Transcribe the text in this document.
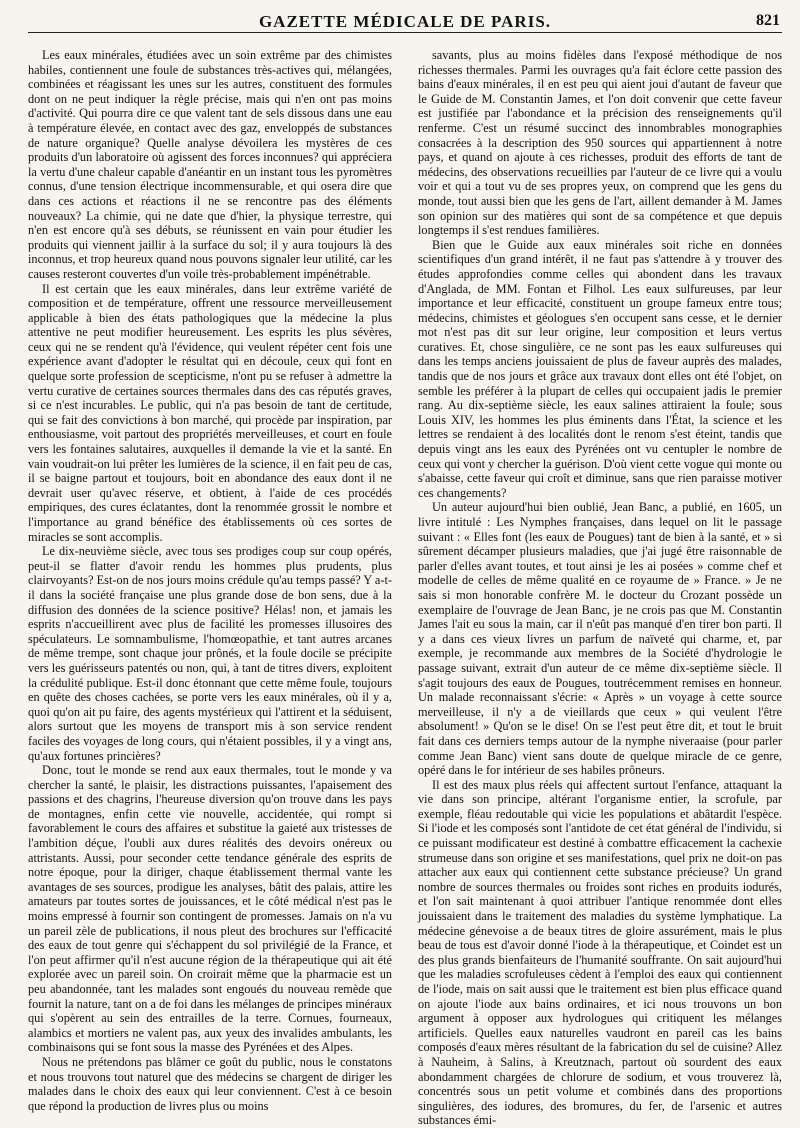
GAZETTE MÉDICALE DE PARIS.	821

Les eaux minérales, étudiées avec un soin extrême par des chimistes habiles, contiennent une foule de substances très-actives qui, mélangées, combinées et réagissant les unes sur les autres, constituent des formules dont on ne peut indiquer la règle précise, mais qui n'en ont pas moins d'activité. Qui pourra dire ce que valent tant de sels dissous dans une eau à température élevée, en contact avec des gaz, enveloppés de substances de nature organique? Quelle analyse dévoilera les mystères de ces produits d'un laboratoire où agissent des forces inconnues? qui appréciera la vertu d'une chaleur capable d'anéantir en un instant tous les pyromètres connus, d'une tension électrique incommensurable, et qui osera dire que dans ces actions et réactions il ne se rencontre pas des éléments nouveaux? La chimie, qui ne date que d'hier, la physique terrestre, qui n'en est encore qu'à ses débuts, se réunissent en vain pour étudier les produits qui viennent jaillir à la surface du sol; il y aura toujours là des inconnus, et trop heureux quand nous pouvons signaler leur utilité, car les causes resteront couvertes d'un voile très-probablement impénétrable.

Il est certain que les eaux minérales, dans leur extrême variété de composition et de température, offrent une ressource merveilleusement applicable à bien des états pathologiques que la médecine la plus attentive ne peut modifier heureusement. Les esprits les plus sévères, ceux qui ne se rendent qu'à l'évidence, qui veulent répéter cent fois une expérience avant d'adopter le résultat qui en découle, ceux qui font en quelque sorte profession de scepticisme, n'ont pu se refuser à admettre la vertu curative de certaines sources thermales dans des cas réputés graves, si ce n'est incurables. Le public, qui n'a pas besoin de tant de certitude, qui se fait des convictions à bon marché, qui procède par inspiration, par enthousiasme, voit partout des propriétés merveilleuses, et court en foule vers les fontaines salutaires, auxquelles il demande la vie et la santé. En vain voudrait-on lui prêter les lumières de la science, il en fait peu de cas, il se baigne partout et toujours, boit en abondance des eaux dont il ne devrait user qu'avec réserve, et obtient, à l'aide de ces procédés empiriques, des cures éclatantes, dont la renommée grossit le nombre et l'importance au grand bénéfice des établissements où ces sortes de miracles se sont accomplis.

Le dix-neuvième siècle, avec tous ses prodiges coup sur coup opérés, peut-il se flatter d'avoir rendu les hommes plus prudents, plus clairvoyants? Est-on de nos jours moins crédule qu'au temps passé? Y a-t-il dans la société française une plus grande dose de bon sens, due à la diffusion des données de la science positive? Hélas! non, et jamais les esprits n'accueillirent avec plus de facilité les promesses illusoires des spéculateurs. Le somnambulisme, l'homœopathie, et tant autres arcanes de même trempe, sont chaque jour prônés, et la foule docile se précipite vers les guérisseurs patentés ou non, qui, à tant de titres divers, exploitent la crédulité publique. Est-il donc étonnant que cette même foule, toujours en quête des choses cachées, se porte vers les eaux minérales, où il y a, quoi qu'on ait pu faire, des agents mystérieux qui l'attirent et la séduisent, alors surtout que les moyens de transport mis à son service rendent faciles des voyages de long cours, qui n'étaient possibles, il y a vingt ans, qu'aux fortunes princières?

Donc, tout le monde se rend aux eaux thermales, tout le monde y va chercher la santé, le plaisir, les distractions puissantes, l'apaisement des passions et des chagrins, l'heureuse diversion qu'on trouve dans les pays de montagnes, enfin cette vie nouvelle, accidentée, qui rompt si favorablement le cours des affaires et substitue la gaieté aux tristesses de l'ambition déçue, l'oubli aux dures réalités des devoirs onéreux ou attristants. Aussi, pour seconder cette tendance générale des esprits de notre époque, pour la diriger, chaque établissement thermal vante les avantages de ses sources, prodigue les analyses, bâtit des palais, attire les amateurs par toutes sortes de jouissances, et le côté médical n'est pas le moins empressé à fournir son contingent de promesses. Jamais on n'a vu un pareil zèle de publications, il nous pleut des brochures sur l'efficacité des eaux de tout genre qui s'échappent du sol privilégié de la France, et l'on peut affirmer qu'il n'est aucune région de la thérapeutique qui ait été explorée avec un pareil soin. On croirait même que la pharmacie est un peu abandonnée, tant les malades sont engoués du nouveau remède que fournit la nature, tant on a de foi dans les mélanges de principes minéraux qui s'opèrent au sein des entrailles de la terre. Cornues, fourneaux, alambics et mortiers ne valent pas, aux yeux des invalides ambulants, les combinaisons qui se font sous la masse des Pyrénées et des Alpes.

Nous ne prétendons pas blâmer ce goût du public, nous le constatons et nous trouvons tout naturel que des médecins se chargent de diriger les malades dans le choix des eaux qui leur conviennent. C'est à ce besoin que répond la production de livres plus ou moins

savants, plus au moins fidèles dans l'exposé méthodique de nos richesses thermales. Parmi les ouvrages qu'a fait éclore cette passion des bains d'eaux minérales, il en est peu qui aient joui d'autant de faveur que le Guide de M. Constantin James, et l'on doit convenir que cette faveur est justifiée par l'abondance et la précision des renseignements qu'il renferme. C'est un résumé succinct des innombrables monographies consacrées à la description des 950 sources qui appartiennent à notre pays, et quand on ajoute à ces richesses, produit des efforts de tant de médecins, des observations recueillies par l'auteur de ce livre qui a voulu voir et qui a tout vu de ses propres yeux, on comprend que les gens du monde, tout aussi bien que les gens de l'art, aillent demander à M. James son opinion sur des matières qui sont de sa compétence et que depuis longtemps il s'est rendues familières.

Bien que le Guide aux eaux minérales soit riche en données scientifiques d'un grand intérêt, il ne faut pas s'attendre à y trouver des études approfondies comme celles qui abondent dans les travaux d'Anglada, de MM. Fontan et Filhol. Les eaux sulfureuses, par leur importance et leur efficacité, constituent un groupe fameux entre tous; médecins, chimistes et géologues s'en occupent sans cesse, et le dernier mot n'est pas dit sur leur origine, leur composition et leurs vertus curatives. Et, chose singulière, ce ne sont pas les eaux sulfureuses qui dans les temps anciens jouissaient de plus de faveur auprès des malades, tandis que de nos jours et grâce aux travaux dont elles ont été l'objet, on semble les préférer à la plupart de celles qui occupaient jadis le premier rang. Au dix-septième siècle, les eaux salines attiraient la foule; sous Louis XIV, les hommes les plus éminents dans l'État, la science et les lettres se rendaient à des localités dont le renom s'est éteint, tandis que depuis vingt ans les eaux des Pyrénées ont vu centupler le nombre de ceux qui vont y chercher la guérison. D'où vient cette vogue qui monte ou s'abaisse, cette faveur qui croît et diminue, sans que rien paraisse motiver ces changements?

Un auteur aujourd'hui bien oublié, Jean Banc, a publié, en 1605, un livre intitulé : Les Nymphes françaises, dans lequel on lit le passage suivant : « Elles font (les eaux de Pougues) tant de bien à la santé, et » si sûrement décamper plusieurs maladies, que j'ai jugé être raisonnable de parler d'elles avant toutes, et tout ainsi je les ai posées » comme chef et modelle de celles de même qualité en ce royaume de » France. » Je ne sais si mon honorable confrère M. le docteur du Crozant possède un exemplaire de l'ouvrage de Jean Banc, je ne crois pas que M. Constantin James l'ait eu sous la main, car il n'eût pas manqué d'en tirer bon parti. Il y a dans ces vieux livres un parfum de naïveté qui charme, et, par exemple, je recommande aux membres de la Société d'hydrologie le passage suivant, extrait d'un auteur de ce même dix-septième siècle. Il s'agit toujours des eaux de Pougues, toutrécemment remises en honneur. Un malade reconnaissant s'écrie: « Après » un voyage à cette source merveilleuse, il n'y a de vieillards que ceux » qui veulent l'être absolument! » Qu'on se le dise! On se l'est peut être dit, et tout le bruit fait dans ces derniers temps autour de la nymphe niveraaise (pour parler comme Jean Banc) vient sans doute de quelque miracle de ce genre, opéré dans le for intérieur de ses habiles prôneurs.

Il est des maux plus réels qui affectent surtout l'enfance, attaquant la vie dans son principe, altérant l'organisme entier, la scrofule, par exemple, fléau redoutable qui vicie les populations et abâtardit l'espèce. Si l'iode et les composés sont l'antidote de cet état général de l'individu, si ce puissant modificateur est destiné à combattre efficacement la cachexie strumeuse dans son origine et ses manifestations, quel prix ne doit-on pas attacher aux eaux qui contiennent cette substance précieuse? Un grand nombre de sources thermales ou froides sont riches en produits iodurés, et l'on sait maintenant à quoi attribuer l'antique renommée dont elles jouissaient dans le traitement des maladies du système lymphatique. La médecine génevoise a de beaux titres de gloire assurément, mais le plus beau de tous est d'avoir donné l'iode à la thérapeutique, et Coindet est un des plus grands bienfaiteurs de l'humanité souffrante. On sait aujourd'hui que les maladies scrofuleuses cèdent à l'emploi des eaux qui contiennent de l'iode, mais on sait aussi que le traitement est bien plus efficace quand on ajoute l'iode aux bains ordinaires, et ici nous trouvons un bon argument à opposer aux hydrologues qui critiquent les mélanges artificiels. Quelles eaux naturelles vaudront en pareil cas les bains composés d'eaux mères résultant de la fabrication du sel de cuisine? Allez à Nauheim, à Salins, à Kreutznach, partout où sourdent des eaux abondamment chargées de chlorure de sodium, et vous trouverez là, concentrés sous un petit volume et combinés dans des proportions singulières, des iodures, des bromures, du fer, de l'arsenic et autres substances émi-
